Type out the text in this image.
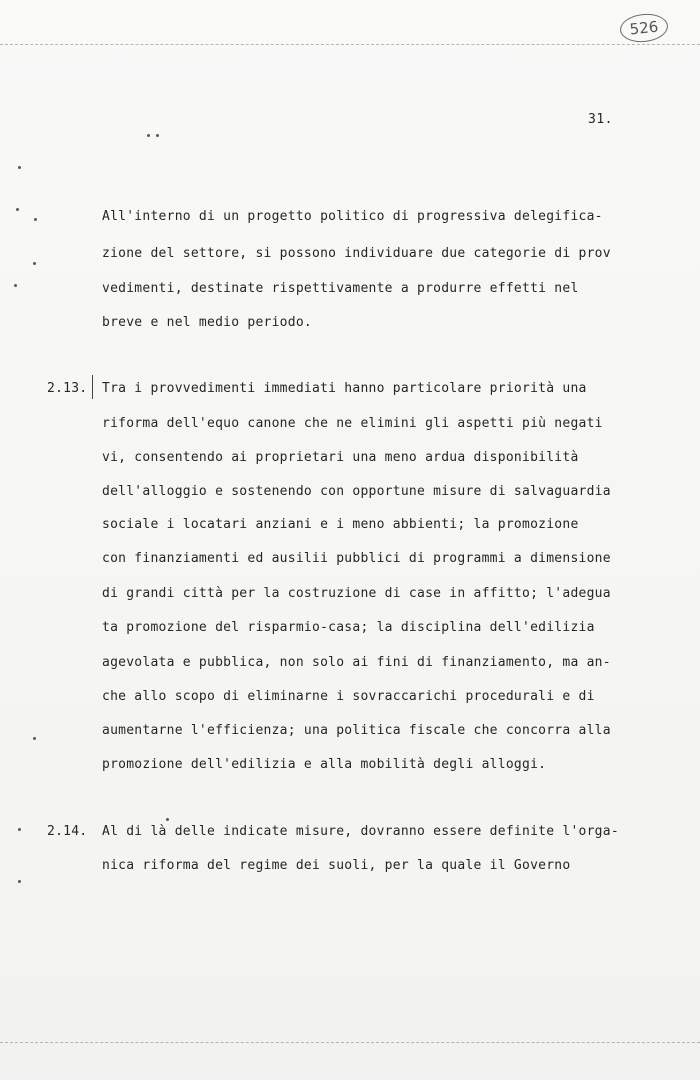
526
31.
All'interno di un progetto politico di progressiva delegifica-
zione del settore, si possono individuare due categorie di prov
vedimenti, destinate rispettivamente a produrre effetti nel
breve e nel medio periodo.
2.13. Tra i provvedimenti immediati hanno particolare priorità una
riforma dell'equo canone che ne elimini gli aspetti più negati
vi, consentendo ai proprietari una meno ardua disponibilità
dell'alloggio e sostenendo con opportune misure di salvaguardia
sociale i locatari anziani e i meno abbienti; la promozione
con finanziamenti ed ausilii pubblici di programmi a dimensione
di grandi città per la costruzione di case in affitto; l'adegua
ta promozione del risparmio-casa; la disciplina dell'edilizia
agevolata e pubblica, non solo ai fini di finanziamento, ma an-
che allo scopo di eliminarne i sovraccarichi procedurali e di
aumentarne l'efficienza; una politica fiscale che concorra alla
promozione dell'edilizia e alla mobilità degli alloggi.
2.14. Al di là delle indicate misure, dovranno essere definite l'orga-
nica riforma del regime dei suoli, per la quale il Governo
